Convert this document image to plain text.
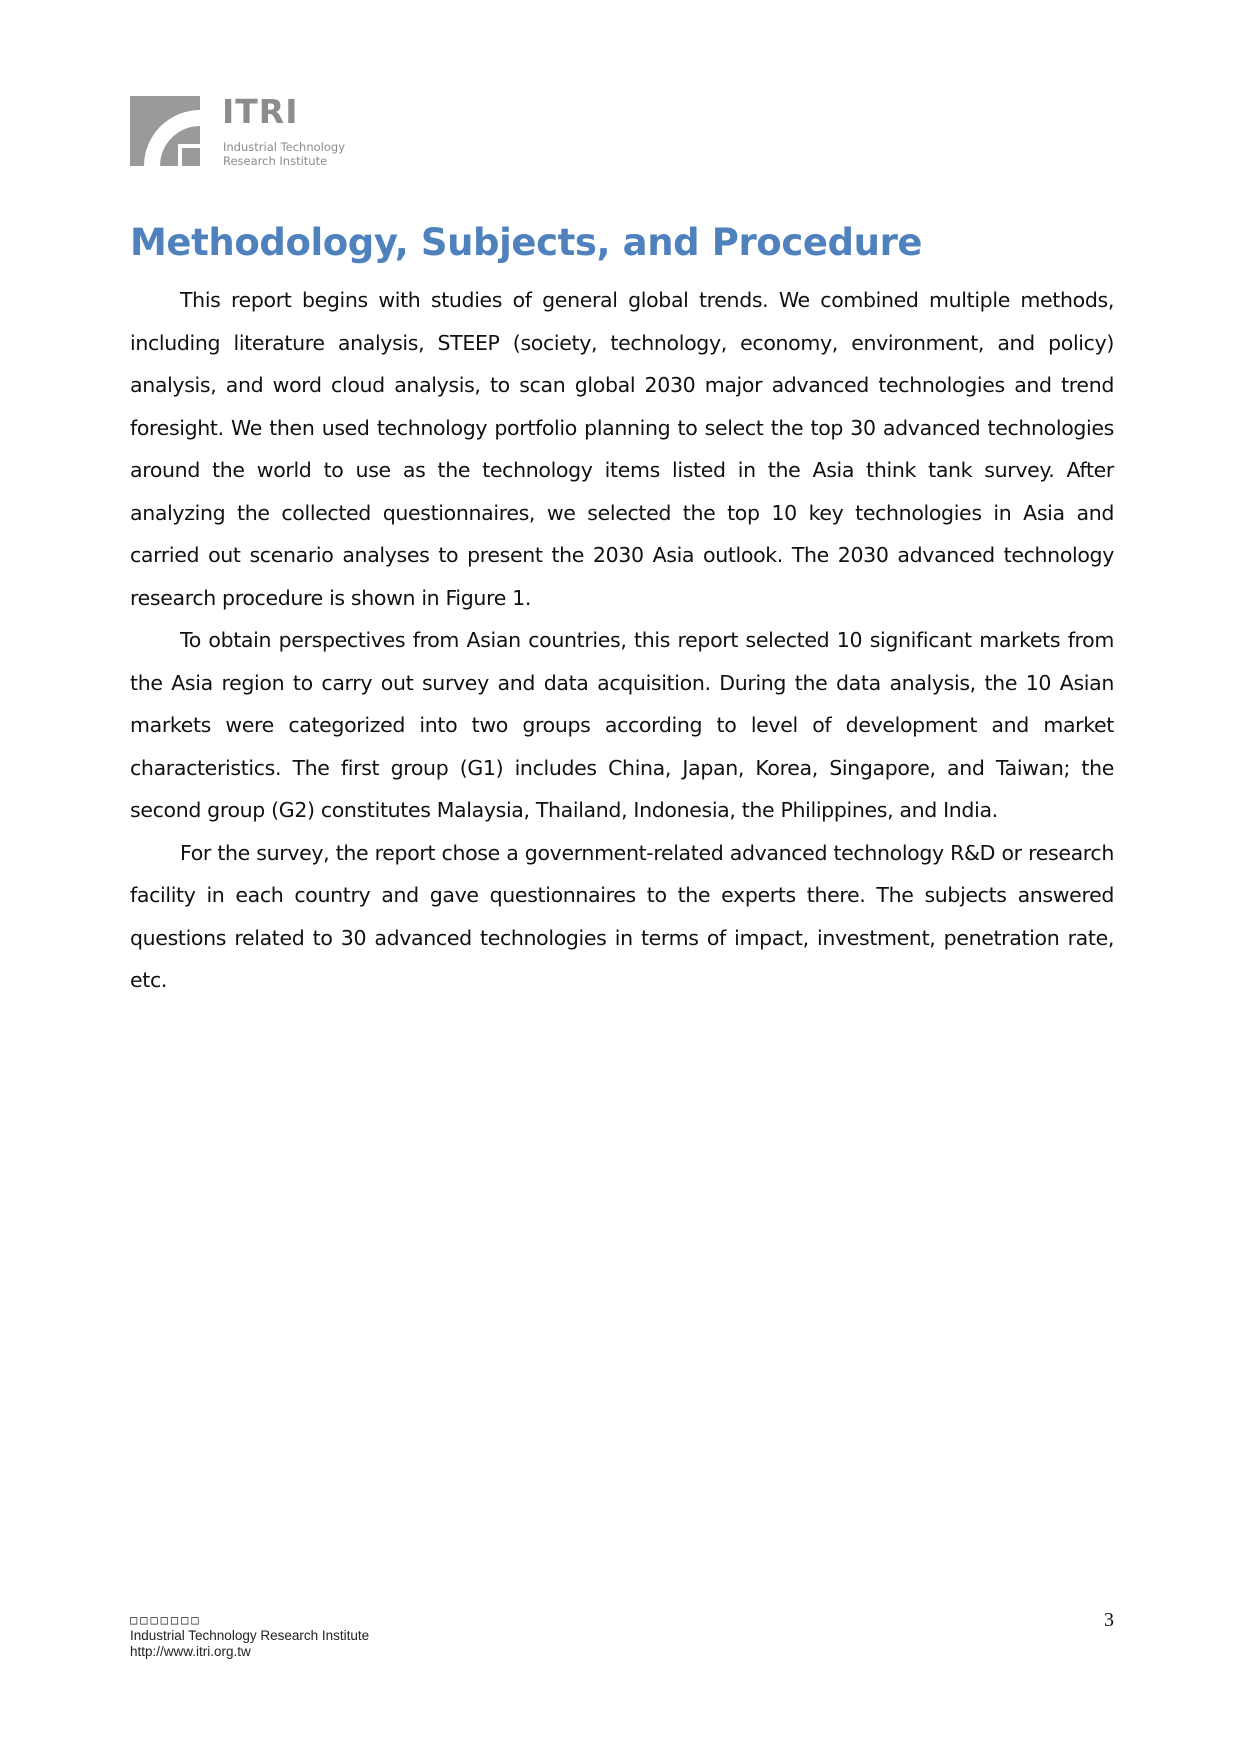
ITRI
Industrial Technology
Research Institute
Methodology, Subjects, and Procedure

This report begins with studies of general global trends. We combined multiple methods, including literature analysis, STEEP (society, technology, economy, environment, and policy) analysis, and word cloud analysis, to scan global 2030 major advanced technologies and trend foresight. We then used technology portfolio planning to select the top 30 advanced technologies around the world to use as the technology items listed in the Asia think tank survey. After analyzing the collected questionnaires, we selected the top 10 key technologies in Asia and carried out scenario analyses to present the 2030 Asia outlook. The 2030 advanced technology research procedure is shown in Figure 1.

To obtain perspectives from Asian countries, this report selected 10 significant markets from the Asia region to carry out survey and data acquisition. During the data analysis, the 10 Asian markets were categorized into two groups according to level of development and market characteristics. The first group (G1) includes China, Japan, Korea, Singapore, and Taiwan; the second group (G2) constitutes Malaysia, Thailand, Indonesia, the Philippines, and India.

For the survey, the report chose a government-related advanced technology R&D or research facility in each country and gave questionnaires to the experts there. The subjects answered questions related to 30 advanced technologies in terms of impact, investment, penetration rate, etc.

□□□□□□□
Industrial Technology Research Institute
http://www.itri.org.tw
3
